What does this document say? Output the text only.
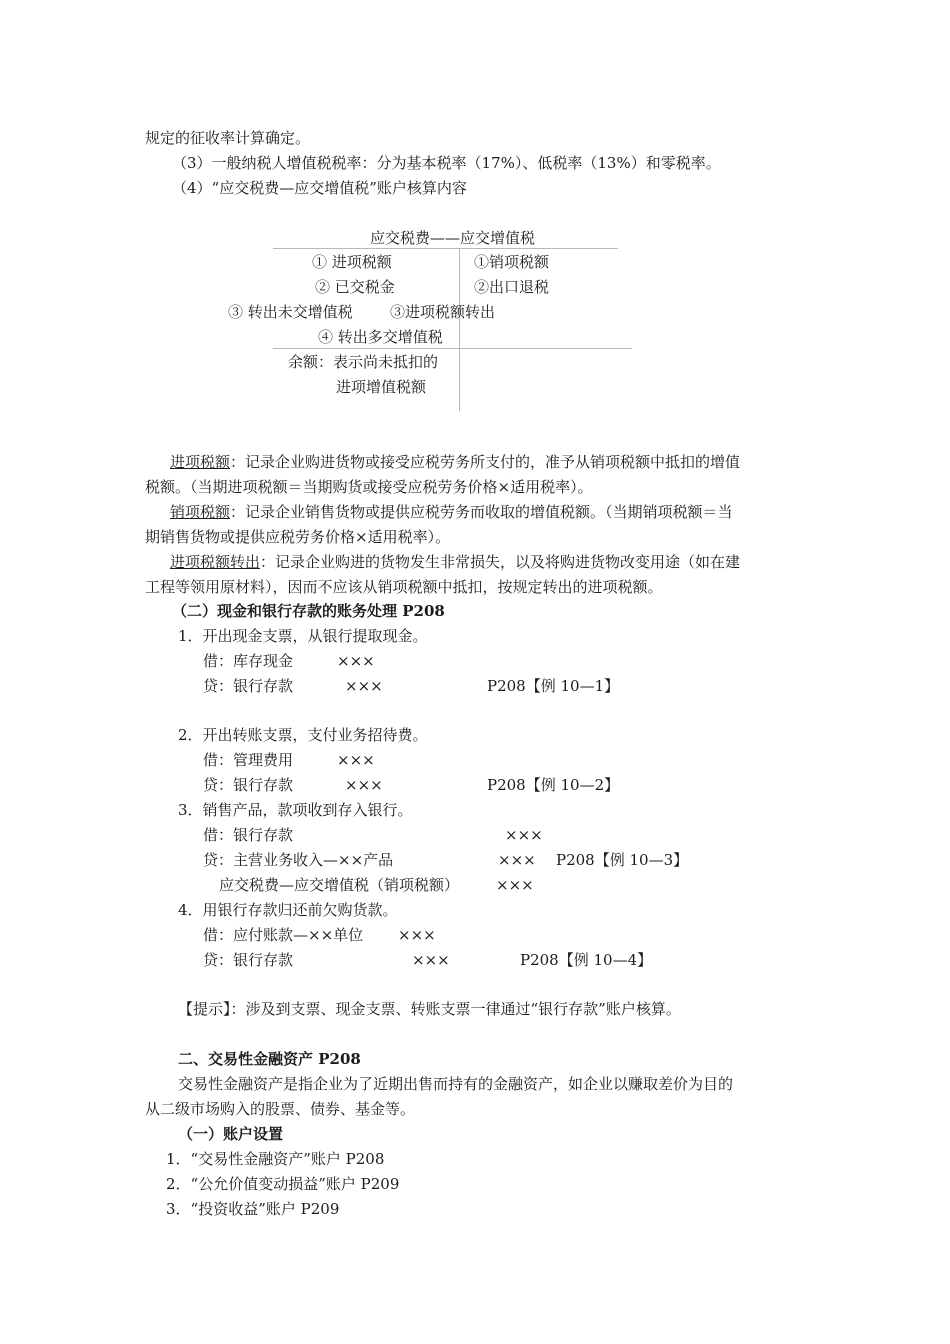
规定的征收率计算确定。
（3）一般纳税人增值税税率：分为基本税率（17%）、低税率（13%）和零税率。
（4）“应交税费—应交增值税”账户核算内容
应交税费——应交增值税
① 进项税额	①销项税额
② 已交税金	②出口退税
③ 转出未交增值税 ③进项税额转出
④ 转出多交增值税
余额：表示尚未抵扣的
进项增值税额
进项税额：记录企业购进货物或接受应税劳务所支付的，准予从销项税额中抵扣的增值
税额。（当期进项税额＝当期购货或接受应税劳务价格×适用税率）。
销项税额：记录企业销售货物或提供应税劳务而收取的增值税额。（当期销项税额＝当
期销售货物或提供应税劳务价格×适用税率）。
进项税额转出：记录企业购进的货物发生非常损失，以及将购进货物改变用途（如在建
工程等领用原材料），因而不应该从销项税额中抵扣，按规定转出的进项税额。
（二）现金和银行存款的账务处理 P208
1．开出现金支票，从银行提取现金。
借：库存现金	×××
贷：银行存款	×××	P208【例 10—1】
2．开出转账支票，支付业务招待费。
借：管理费用	×××
贷：银行存款	×××	P208【例 10—2】
3．销售产品，款项收到存入银行。
借：银行存款	×××
贷：主营业务收入—××产品	××× P208【例 10—3】
应交税费—应交增值税（销项税额） ×××
4．用银行存款归还前欠购货款。
借：应付账款—××单位 ×××
贷：银行存款	×××	P208【例 10—4】
【提示】：涉及到支票、现金支票、转账支票一律通过“银行存款”账户核算。
二、交易性金融资产 P208
交易性金融资产是指企业为了近期出售而持有的金融资产，如企业以赚取差价为目的
从二级市场购入的股票、债券、基金等。
（一）账户设置
1．“交易性金融资产”账户 P208
2．“公允价值变动损益”账户 P209
3．“投资收益”账户 P209
